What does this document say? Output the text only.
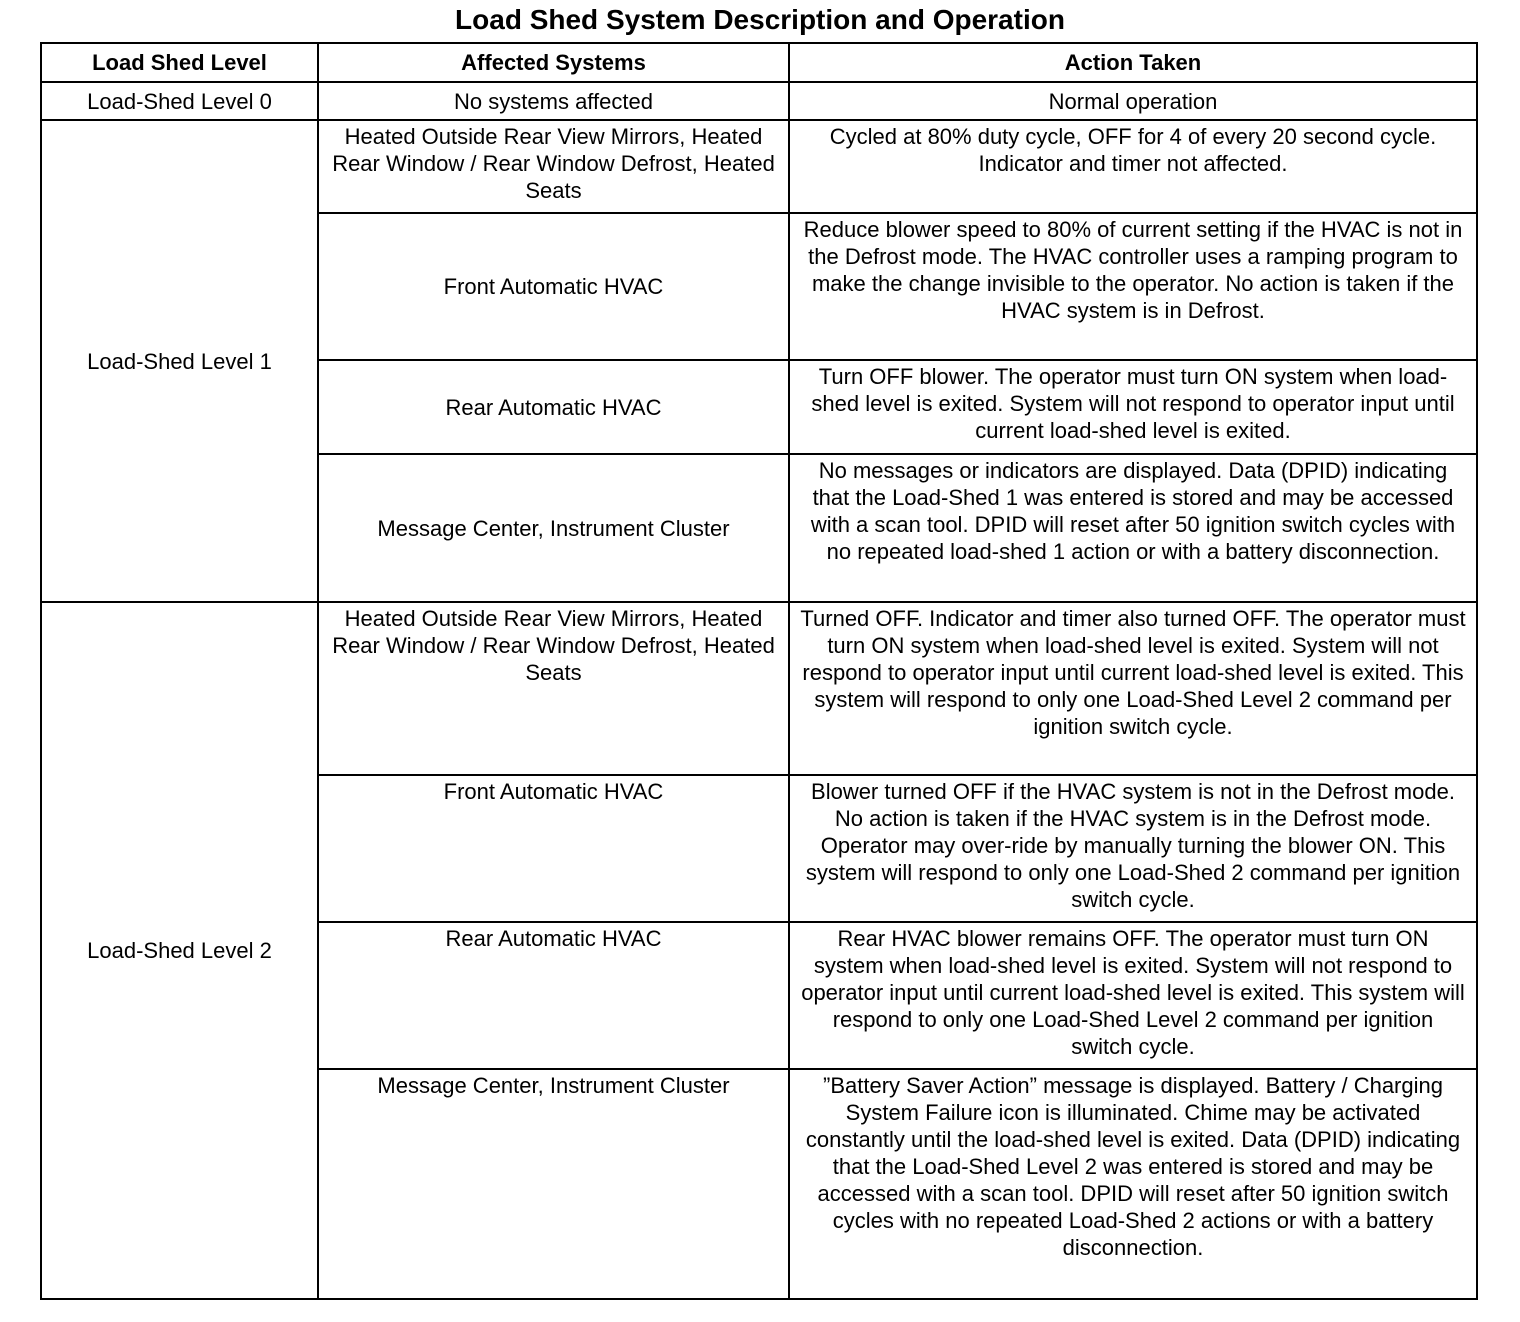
Load Shed System Description and Operation
Load Shed Level	Affected Systems	Action Taken
Load-Shed Level 0	No systems affected	Normal operation
Load-Shed Level 1	Heated Outside Rear View Mirrors, Heated Rear Window / Rear Window Defrost, Heated Seats	Cycled at 80% duty cycle, OFF for 4 of every 20 second cycle. Indicator and timer not affected.
	Front Automatic HVAC	Reduce blower speed to 80% of current setting if the HVAC is not in the Defrost mode. The HVAC controller uses a ramping program to make the change invisible to the operator. No action is taken if the HVAC system is in Defrost.
	Rear Automatic HVAC	Turn OFF blower. The operator must turn ON system when load-shed level is exited. System will not respond to operator input until current load-shed level is exited.
	Message Center, Instrument Cluster	No messages or indicators are displayed. Data (DPID) indicating that the Load-Shed 1 was entered is stored and may be accessed with a scan tool. DPID will reset after 50 ignition switch cycles with no repeated load-shed 1 action or with a battery disconnection.
Load-Shed Level 2	Heated Outside Rear View Mirrors, Heated Rear Window / Rear Window Defrost, Heated Seats	Turned OFF. Indicator and timer also turned OFF. The operator must turn ON system when load-shed level is exited. System will not respond to operator input until current load-shed level is exited. This system will respond to only one Load-Shed Level 2 command per ignition switch cycle.
	Front Automatic HVAC	Blower turned OFF if the HVAC system is not in the Defrost mode. No action is taken if the HVAC system is in the Defrost mode. Operator may over-ride by manually turning the blower ON. This system will respond to only one Load-Shed 2 command per ignition switch cycle.
	Rear Automatic HVAC	Rear HVAC blower remains OFF. The operator must turn ON system when load-shed level is exited. System will not respond to operator input until current load-shed level is exited. This system will respond to only one Load-Shed Level 2 command per ignition switch cycle.
	Message Center, Instrument Cluster	”Battery Saver Action” message is displayed. Battery / Charging System Failure icon is illuminated. Chime may be activated constantly until the load-shed level is exited. Data (DPID) indicating that the Load-Shed Level 2 was entered is stored and may be accessed with a scan tool. DPID will reset after 50 ignition switch cycles with no repeated Load-Shed 2 actions or with a battery disconnection.
